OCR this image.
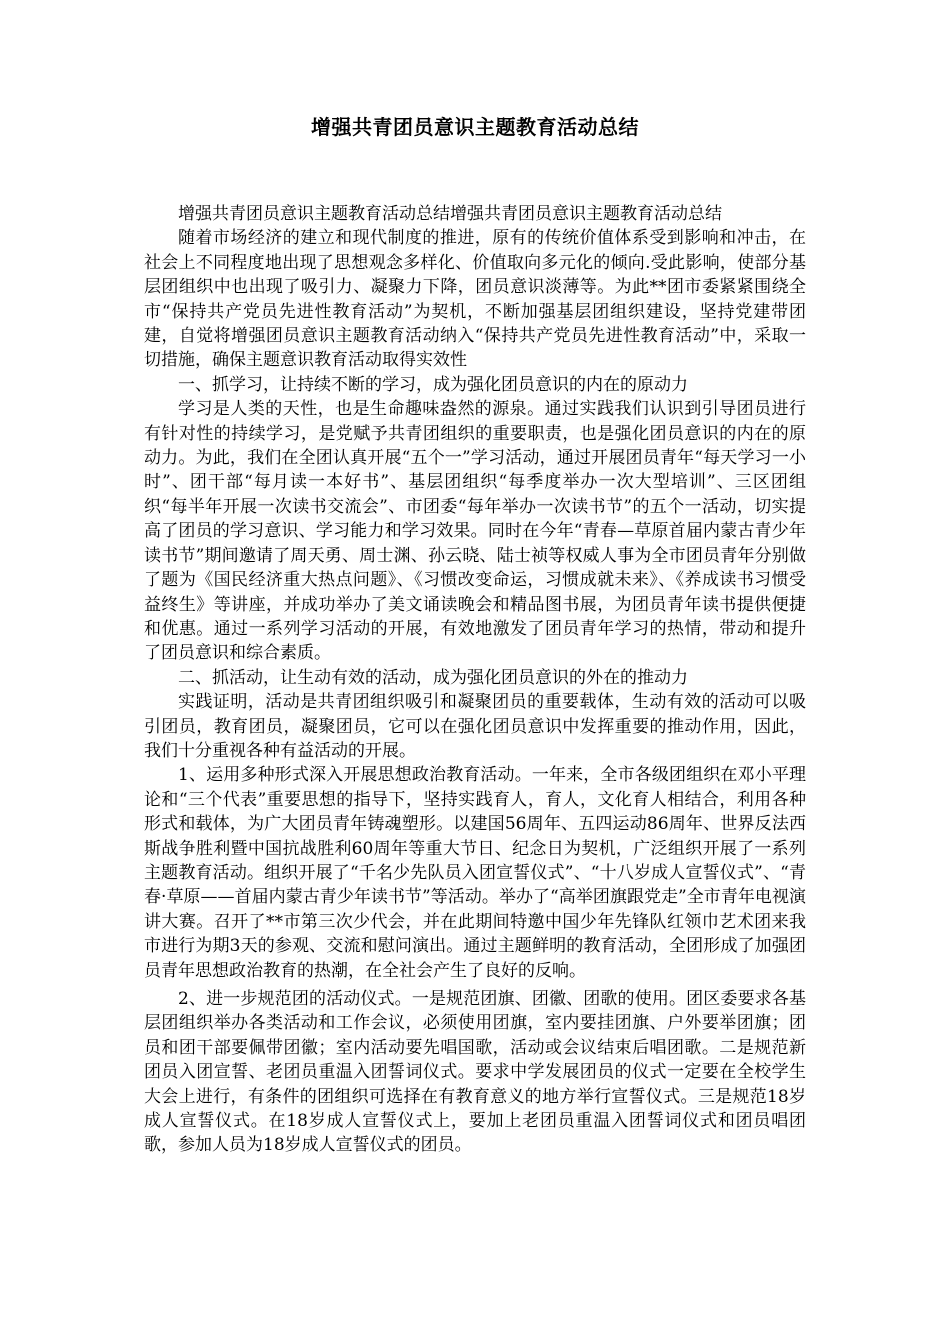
增强共青团员意识主题教育活动总结

增强共青团员意识主题教育活动总结增强共青团员意识主题教育活动总结

随着市场经济的建立和现代制度的推进，原有的传统价值体系受到影响和冲击，在社会上不同程度地出现了思想观念多样化、价值取向多元化的倾向.受此影响，使部分基层团组织中也出现了吸引力、凝聚力下降，团员意识淡薄等。为此**团市委紧紧围绕全市“保持共产党员先进性教育活动”为契机，不断加强基层团组织建设，坚持党建带团建，自觉将增强团员意识主题教育活动纳入“保持共产党员先进性教育活动”中，采取一切措施，确保主题意识教育活动取得实效性

一、抓学习，让持续不断的学习，成为强化团员意识的内在的原动力

学习是人类的天性，也是生命趣味盎然的源泉。通过实践我们认识到引导团员进行有针对性的持续学习，是党赋予共青团组织的重要职责，也是强化团员意识的内在的原动力。为此，我们在全团认真开展“五个一”学习活动，通过开展团员青年“每天学习一小时”、团干部“每月读一本好书”、基层团组织“每季度举办一次大型培训”、三区团组织“每半年开展一次读书交流会”、市团委“每年举办一次读书节”的五个一活动，切实提高了团员的学习意识、学习能力和学习效果。同时在今年“青春—草原首届内蒙古青少年读书节”期间邀请了周天勇、周士渊、孙云晓、陆士祯等权威人事为全市团员青年分别做了题为《国民经济重大热点问题》、《习惯改变命运，习惯成就未来》、《养成读书习惯受益终生》等讲座，并成功举办了美文诵读晚会和精品图书展，为团员青年读书提供便捷和优惠。通过一系列学习活动的开展，有效地激发了团员青年学习的热情，带动和提升了团员意识和综合素质。

二、抓活动，让生动有效的活动，成为强化团员意识的外在的推动力

实践证明，活动是共青团组织吸引和凝聚团员的重要载体，生动有效的活动可以吸引团员，教育团员，凝聚团员，它可以在强化团员意识中发挥重要的推动作用，因此，我们十分重视各种有益活动的开展。

1、运用多种形式深入开展思想政治教育活动。一年来，全市各级团组织在邓小平理论和“三个代表”重要思想的指导下，坚持实践育人，育人，文化育人相结合，利用各种形式和载体，为广大团员青年铸魂塑形。以建国56周年、五四运动86周年、世界反法西斯战争胜利暨中国抗战胜利60周年等重大节日、纪念日为契机，广泛组织开展了一系列主题教育活动。组织开展了“千名少先队员入团宣誓仪式”、“十八岁成人宣誓仪式”、“青春·草原——首届内蒙古青少年读书节”等活动。举办了“高举团旗跟党走”全市青年电视演讲大赛。召开了**市第三次少代会，并在此期间特邀中国少年先锋队红领巾艺术团来我市进行为期3天的参观、交流和慰问演出。通过主题鲜明的教育活动，全团形成了加强团员青年思想政治教育的热潮，在全社会产生了良好的反响。

2、进一步规范团的活动仪式。一是规范团旗、团徽、团歌的使用。团区委要求各基层团组织举办各类活动和工作会议，必须使用团旗，室内要挂团旗、户外要举团旗；团员和团干部要佩带团徽；室内活动要先唱国歌，活动或会议结束后唱团歌。二是规范新团员入团宣誓、老团员重温入团誓词仪式。要求中学发展团员的仪式一定要在全校学生大会上进行，有条件的团组织可选择在有教育意义的地方举行宣誓仪式。三是规范18岁成人宣誓仪式。在18岁成人宣誓仪式上，要加上老团员重温入团誓词仪式和团员唱团歌，参加人员为18岁成人宣誓仪式的团员。
